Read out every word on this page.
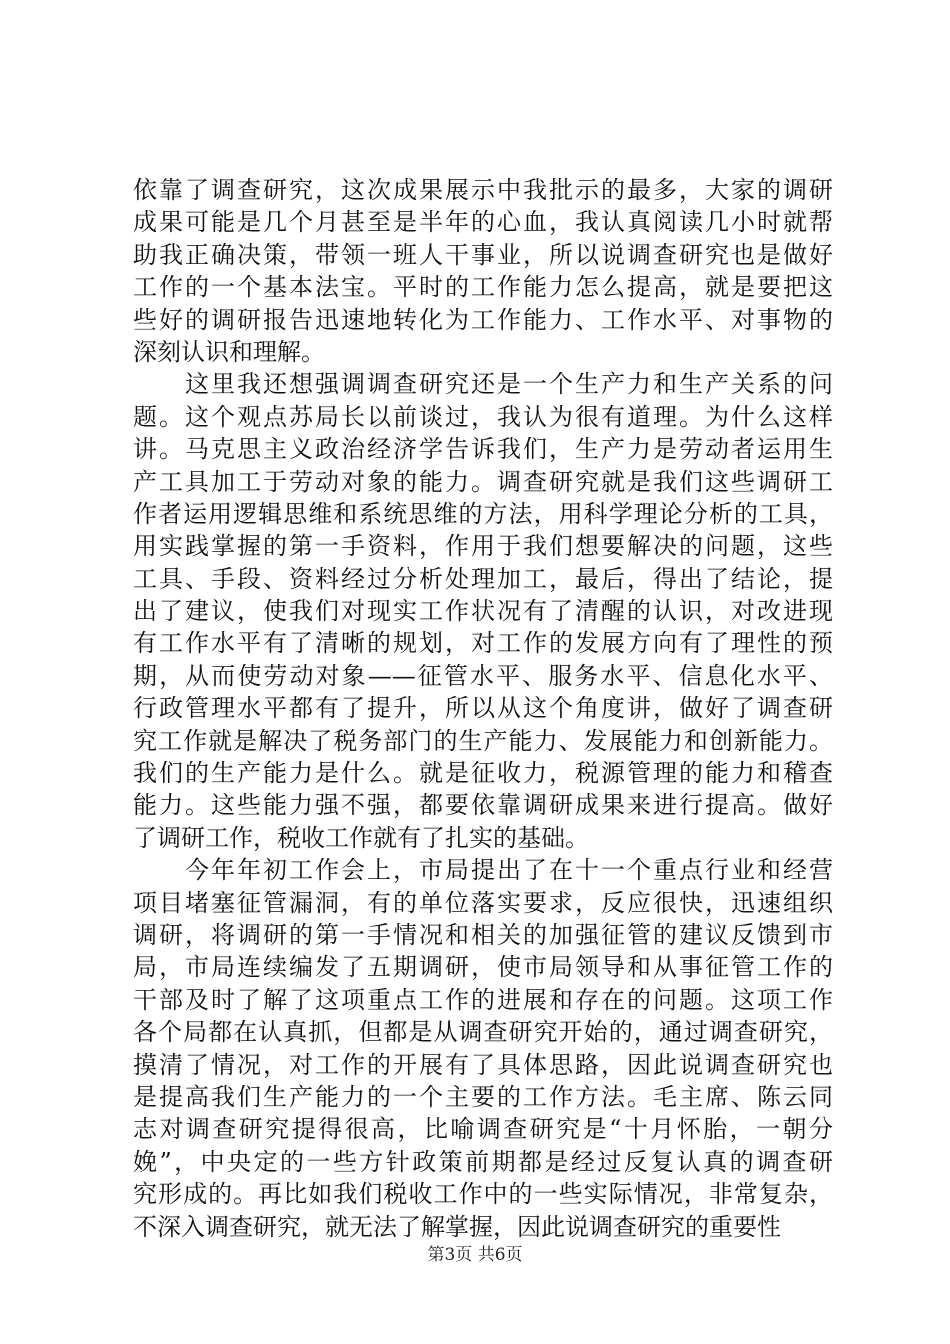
依靠了调查研究，这次成果展示中我批示的最多，大家的调研
成果可能是几个月甚至是半年的心血，我认真阅读几小时就帮
助我正确决策，带领一班人干事业，所以说调查研究也是做好
工作的一个基本法宝。平时的工作能力怎么提高，就是要把这
些好的调研报告迅速地转化为工作能力、工作水平、对事物的
深刻认识和理解。
　　这里我还想强调调查研究还是一个生产力和生产关系的问
题。这个观点苏局长以前谈过，我认为很有道理。为什么这样
讲。马克思主义政治经济学告诉我们，生产力是劳动者运用生
产工具加工于劳动对象的能力。调查研究就是我们这些调研工
作者运用逻辑思维和系统思维的方法，用科学理论分析的工具，
用实践掌握的第一手资料，作用于我们想要解决的问题，这些
工具、手段、资料经过分析处理加工，最后，得出了结论，提
出了建议，使我们对现实工作状况有了清醒的认识，对改进现
有工作水平有了清晰的规划，对工作的发展方向有了理性的预
期，从而使劳动对象——征管水平、服务水平、信息化水平、
行政管理水平都有了提升，所以从这个角度讲，做好了调查研
究工作就是解决了税务部门的生产能力、发展能力和创新能力。
我们的生产能力是什么。就是征收力，税源管理的能力和稽查
能力。这些能力强不强，都要依靠调研成果来进行提高。做好
了调研工作，税收工作就有了扎实的基础。
　　今年年初工作会上，市局提出了在十一个重点行业和经营
项目堵塞征管漏洞，有的单位落实要求，反应很快，迅速组织
调研，将调研的第一手情况和相关的加强征管的建议反馈到市
局，市局连续编发了五期调研，使市局领导和从事征管工作的
干部及时了解了这项重点工作的进展和存在的问题。这项工作
各个局都在认真抓，但都是从调查研究开始的，通过调查研究，
摸清了情况，对工作的开展有了具体思路，因此说调查研究也
是提高我们生产能力的一个主要的工作方法。毛主席、陈云同
志对调查研究提得很高，比喻调查研究是“十月怀胎，一朝分
娩”，中央定的一些方针政策前期都是经过反复认真的调查研
究形成的。再比如我们税收工作中的一些实际情况，非常复杂，
不深入调查研究，就无法了解掌握，因此说调查研究的重要性
第3页 共6页
